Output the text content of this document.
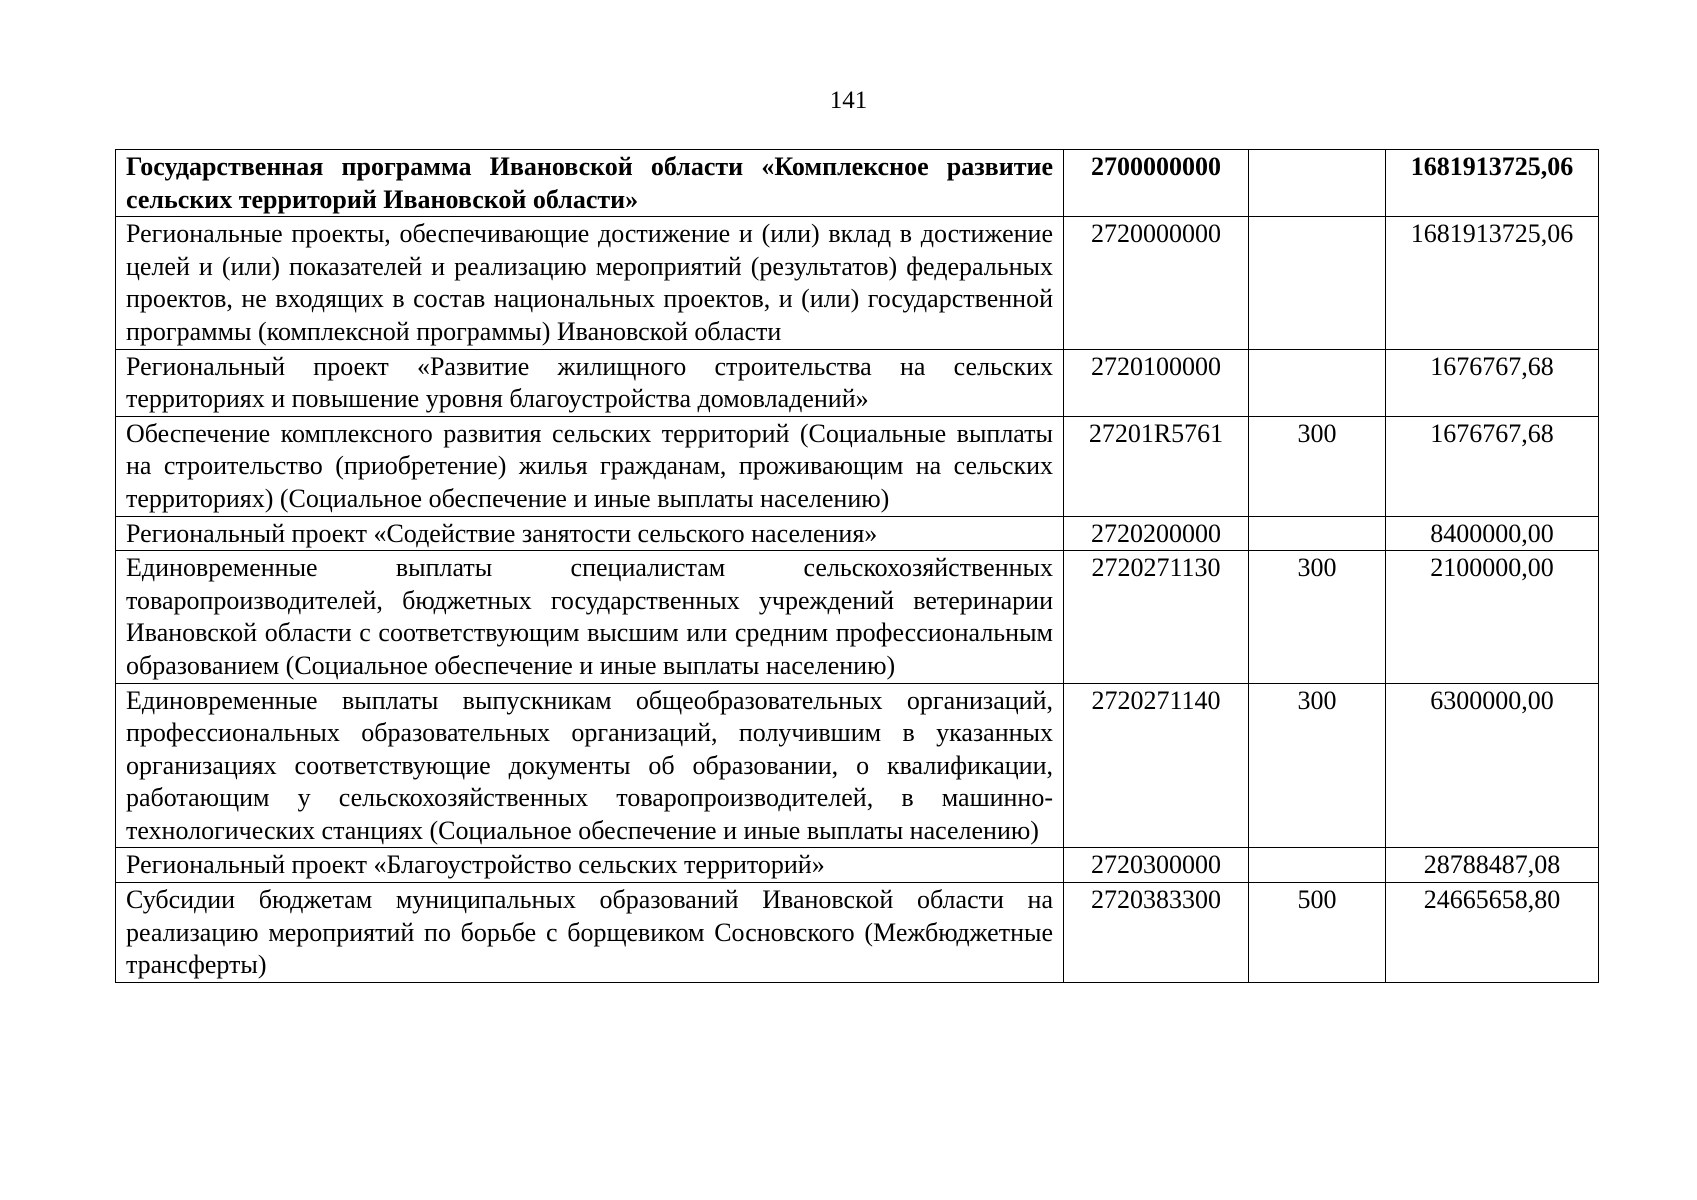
141
Государственная программа Ивановской области «Комплексное развитие сельских территорий Ивановской области»	2700000000		1681913725,06
Региональные проекты, обеспечивающие достижение и (или) вклад в достижение целей и (или) показателей и реализацию мероприятий (результатов) федеральных проектов, не входящих в состав национальных проектов, и (или) государственной программы (комплексной программы) Ивановской области	2720000000		1681913725,06
Региональный проект «Развитие жилищного строительства на сельских территориях и повышение уровня благоустройства домовладений»	2720100000		1676767,68
Обеспечение комплексного развития сельских территорий (Социальные выплаты на строительство (приобретение) жилья гражданам, проживающим на сельских территориях) (Социальное обеспечение и иные выплаты населению)	27201R5761	300	1676767,68
Региональный проект «Содействие занятости сельского населения»	2720200000		8400000,00
Единовременные выплаты специалистам сельскохозяйственных товаропроизводителей, бюджетных государственных учреждений ветеринарии Ивановской области с соответствующим высшим или средним профессиональным образованием (Социальное обеспечение и иные выплаты населению)	2720271130	300	2100000,00
Единовременные выплаты выпускникам общеобразовательных организаций, профессиональных образовательных организаций, получившим в указанных организациях соответствующие документы об образовании, о квалификации, работающим у сельскохозяйственных товаропроизводителей, в машинно-технологических станциях (Социальное обеспечение и иные выплаты населению)	2720271140	300	6300000,00
Региональный проект «Благоустройство сельских территорий»	2720300000		28788487,08
Субсидии бюджетам муниципальных образований Ивановской области на реализацию мероприятий по борьбе с борщевиком Сосновского (Межбюджетные трансферты)	2720383300	500	24665658,80
